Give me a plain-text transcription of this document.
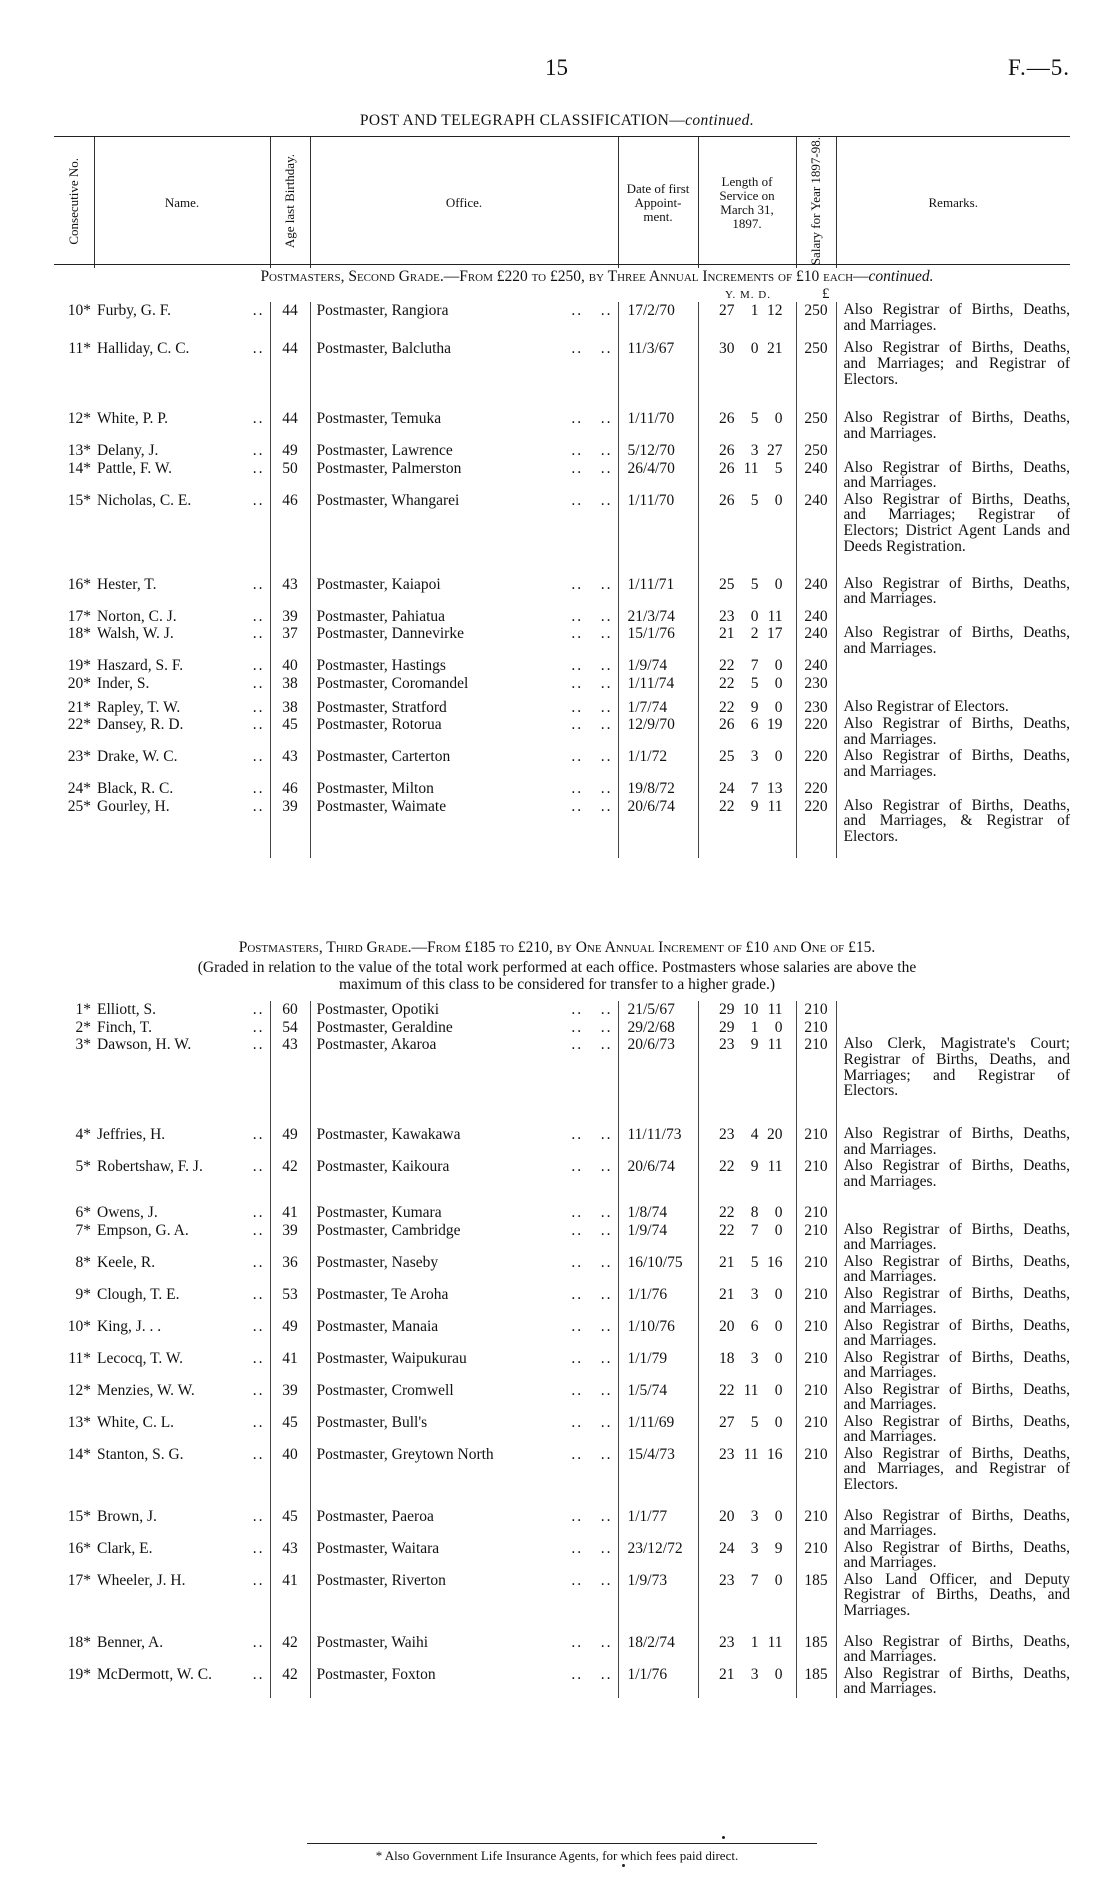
15	F.—5.
POST AND TELEGRAPH CLASSIFICATION—continued.
Consecutive No.	Name.	Age last Birthday.	Office.	Date of first Appoint-ment.	Length of Service on March 31, 1897.	Salary for Year 1897-98.	Remarks.
Postmasters, Second Grade.—From £220 to £250, by Three Annual Increments of £10 each—continued.
Y. M. D.	£
10*	Furby, G. F. ..	44	Postmaster, Rangiora ..   ..	17/2/70	27 1 12	250	Also Registrar of Births, Deaths, and Marriages.
11*	Halliday, C. C. ..	44	Postmaster, Balclutha ..   ..	11/3/67	30 0 21	250	Also Registrar of Births, Deaths, and Marriages; and Registrar of Electors.
12*	White, P. P. ..	44	Postmaster, Temuka ..   ..	1/11/70	26 5 0	250	Also Registrar of Births, Deaths, and Marriages.
13*	Delany, J. ..	49	Postmaster, Lawrence ..   ..	5/12/70	26 3 27	250	
14*	Pattle, F. W. ..	50	Postmaster, Palmerston ..   ..	26/4/70	26 11 5	240	Also Registrar of Births, Deaths, and Marriages.
15*	Nicholas, C. E. ..	46	Postmaster, Whangarei ..   ..	1/11/70	26 5 0	240	Also Registrar of Births, Deaths, and Marriages; Registrar of Electors; District Agent Lands and Deeds Registration.
16*	Hester, T. ..	43	Postmaster, Kaiapoi ..   ..	1/11/71	25 5 0	240	Also Registrar of Births, Deaths, and Marriages.
17*	Norton, C. J. ..	39	Postmaster, Pahiatua ..   ..	21/3/74	23 0 11	240	
18*	Walsh, W. J. ..	37	Postmaster, Dannevirke ..   ..	15/1/76	21 2 17	240	Also Registrar of Births, Deaths, and Marriages.
19*	Haszard, S. F. ..	40	Postmaster, Hastings ..   ..	1/9/74	22 7 0	240	
20*	Inder, S. ..	38	Postmaster, Coromandel ..   ..	1/11/74	22 5 0	230	
21*	Rapley, T. W. ..	38	Postmaster, Stratford ..   ..	1/7/74	22 9 0	230	Also Registrar of Electors.
22*	Dansey, R. D. ..	45	Postmaster, Rotorua ..   ..	12/9/70	26 6 19	220	Also Registrar of Births, Deaths, and Marriages.
23*	Drake, W. C. ..	43	Postmaster, Carterton ..   ..	1/1/72	25 3 0	220	Also Registrar of Births, Deaths, and Marriages.
24*	Black, R. C. ..	46	Postmaster, Milton ..   ..	19/8/72	24 7 13	220	
25*	Gourley, H. ..	39	Postmaster, Waimate ..   ..	20/6/74	22 9 11	220	Also Registrar of Births, Deaths, and Marriages, & Registrar of Electors.
Postmasters, Third Grade.—From £185 to £210, by One Annual Increment of £10 and One of £15.
(Graded in relation to the value of the total work performed at each office. Postmasters whose salaries are above the
maximum of this class to be considered for transfer to a higher grade.)
1*	Elliott, S. ..	60	Postmaster, Opotiki ..   ..	21/5/67	29 10 11	210	
2*	Finch, T. ..	54	Postmaster, Geraldine ..   ..	29/2/68	29 1 0	210	
3*	Dawson, H. W. ..	43	Postmaster, Akaroa ..   ..	20/6/73	23 9 11	210	Also Clerk, Magistrate's Court; Registrar of Births, Deaths, and Marriages; and Registrar of Electors.
4*	Jeffries, H. ..	49	Postmaster, Kawakawa ..   ..	11/11/73	23 4 20	210	Also Registrar of Births, Deaths, and Marriages.
5*	Robertshaw, F. J. ..	42	Postmaster, Kaikoura ..   ..	20/6/74	22 9 11	210	Also Registrar of Births, Deaths, and Marriages.
6*	Owens, J. ..	41	Postmaster, Kumara ..   ..	1/8/74	22 8 0	210	
7*	Empson, G. A. ..	39	Postmaster, Cambridge ..   ..	1/9/74	22 7 0	210	Also Registrar of Births, Deaths, and Marriages.
8*	Keele, R. ..	36	Postmaster, Naseby ..   ..	16/10/75	21 5 16	210	Also Registrar of Births, Deaths, and Marriages.
9*	Clough, T. E. ..	53	Postmaster, Te Aroha ..   ..	1/1/76	21 3 0	210	Also Registrar of Births, Deaths, and Marriages.
10*	King, J. . . ..	49	Postmaster, Manaia ..   ..	1/10/76	20 6 0	210	Also Registrar of Births, Deaths, and Marriages.
11*	Lecocq, T. W. ..	41	Postmaster, Waipukurau ..   ..	1/1/79	18 3 0	210	Also Registrar of Births, Deaths, and Marriages.
12*	Menzies, W. W. ..	39	Postmaster, Cromwell ..   ..	1/5/74	22 11 0	210	Also Registrar of Births, Deaths, and Marriages.
13*	White, C. L. ..	45	Postmaster, Bull's ..   ..	1/11/69	27 5 0	210	Also Registrar of Births, Deaths, and Marriages.
14*	Stanton, S. G. ..	40	Postmaster, Greytown North ..   ..	15/4/73	23 11 16	210	Also Registrar of Births, Deaths, and Marriages, and Registrar of Electors.
15*	Brown, J. ..	45	Postmaster, Paeroa ..   ..	1/1/77	20 3 0	210	Also Registrar of Births, Deaths, and Marriages.
16*	Clark, E. ..	43	Postmaster, Waitara ..   ..	23/12/72	24 3 9	210	Also Registrar of Births, Deaths, and Marriages.
17*	Wheeler, J. H. ..	41	Postmaster, Riverton ..   ..	1/9/73	23 7 0	185	Also Land Officer, and Deputy Registrar of Births, Deaths, and Marriages.
18*	Benner, A. ..	42	Postmaster, Waihi ..   ..	18/2/74	23 1 11	185	Also Registrar of Births, Deaths, and Marriages.
19*	McDermott, W. C. ..	42	Postmaster, Foxton ..   ..	1/1/76	21 3 0	185	Also Registrar of Births, Deaths, and Marriages.
* Also Government Life Insurance Agents, for which fees paid direct.
